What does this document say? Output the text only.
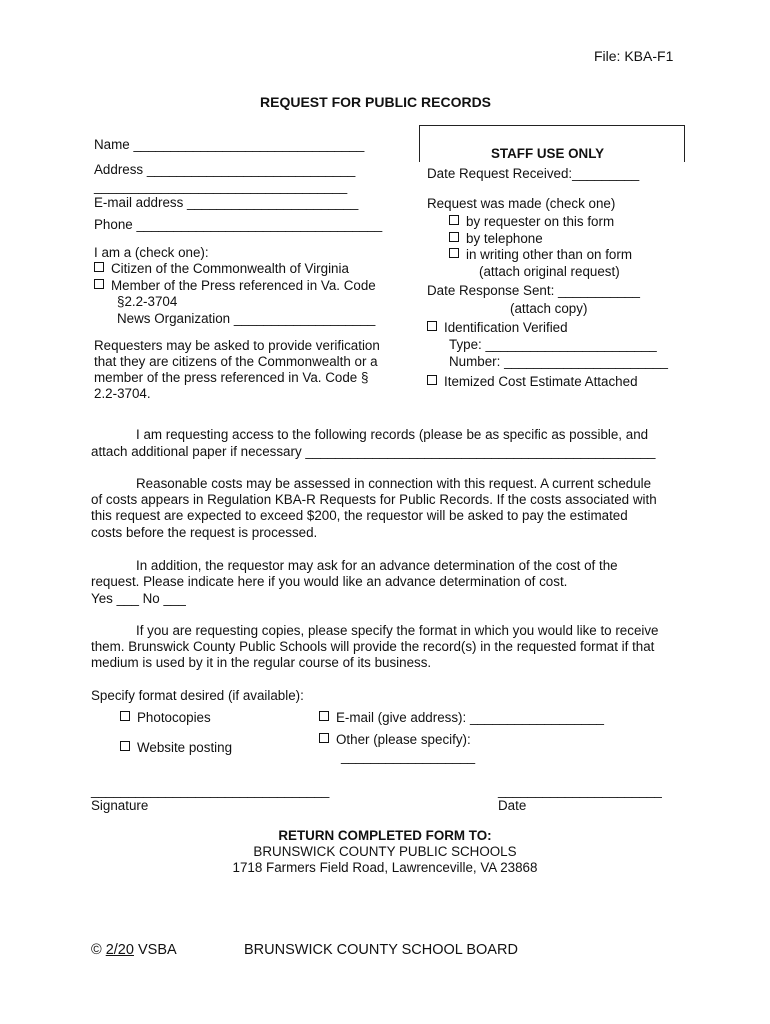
File: KBA-F1
REQUEST FOR PUBLIC RECORDS
Name _______________________________
Address ____________________________
__________________________________
E-mail address _______________________
Phone _________________________________
I am a (check one):
Citizen of the Commonwealth of Virginia
Member of the Press referenced in Va. Code
§2.2-3704
News Organization ___________________
Requesters may be asked to provide verification
that they are citizens of the Commonwealth or a
member of the press referenced in Va. Code §
2.2-3704.
STAFF USE ONLY
Date Request Received:_________
Request was made (check one)
by requester on this form
by telephone
in writing other than on form
(attach original request)
Date Response Sent: ___________
(attach copy)
Identification Verified
Type: _______________________
Number: ______________________
Itemized Cost Estimate Attached
I am requesting access to the following records (please be as specific as possible, and
attach additional paper if necessary _______________________________________________
Reasonable costs may be assessed in connection with this request. A current schedule
of costs appears in Regulation KBA-R Requests for Public Records. If the costs associated with
this request are expected to exceed $200, the requestor will be asked to pay the estimated
costs before the request is processed.
In addition, the requestor may ask for an advance determination of the cost of the
request. Please indicate here if you would like an advance determination of cost.
Yes ___ No ___
If you are requesting copies, please specify the format in which you would like to receive
them. Brunswick County Public Schools will provide the record(s) in the requested format if that
medium is used by it in the regular course of its business.
Specify format desired (if available):
Photocopies
Website posting
E-mail (give address): __________________
Other (please specify):
__________________
________________________________
Signature
______________________
Date
RETURN COMPLETED FORM TO:
BRUNSWICK COUNTY PUBLIC SCHOOLS
1718 Farmers Field Road, Lawrenceville, VA 23868
© 2/20 VSBA	BRUNSWICK COUNTY SCHOOL BOARD
